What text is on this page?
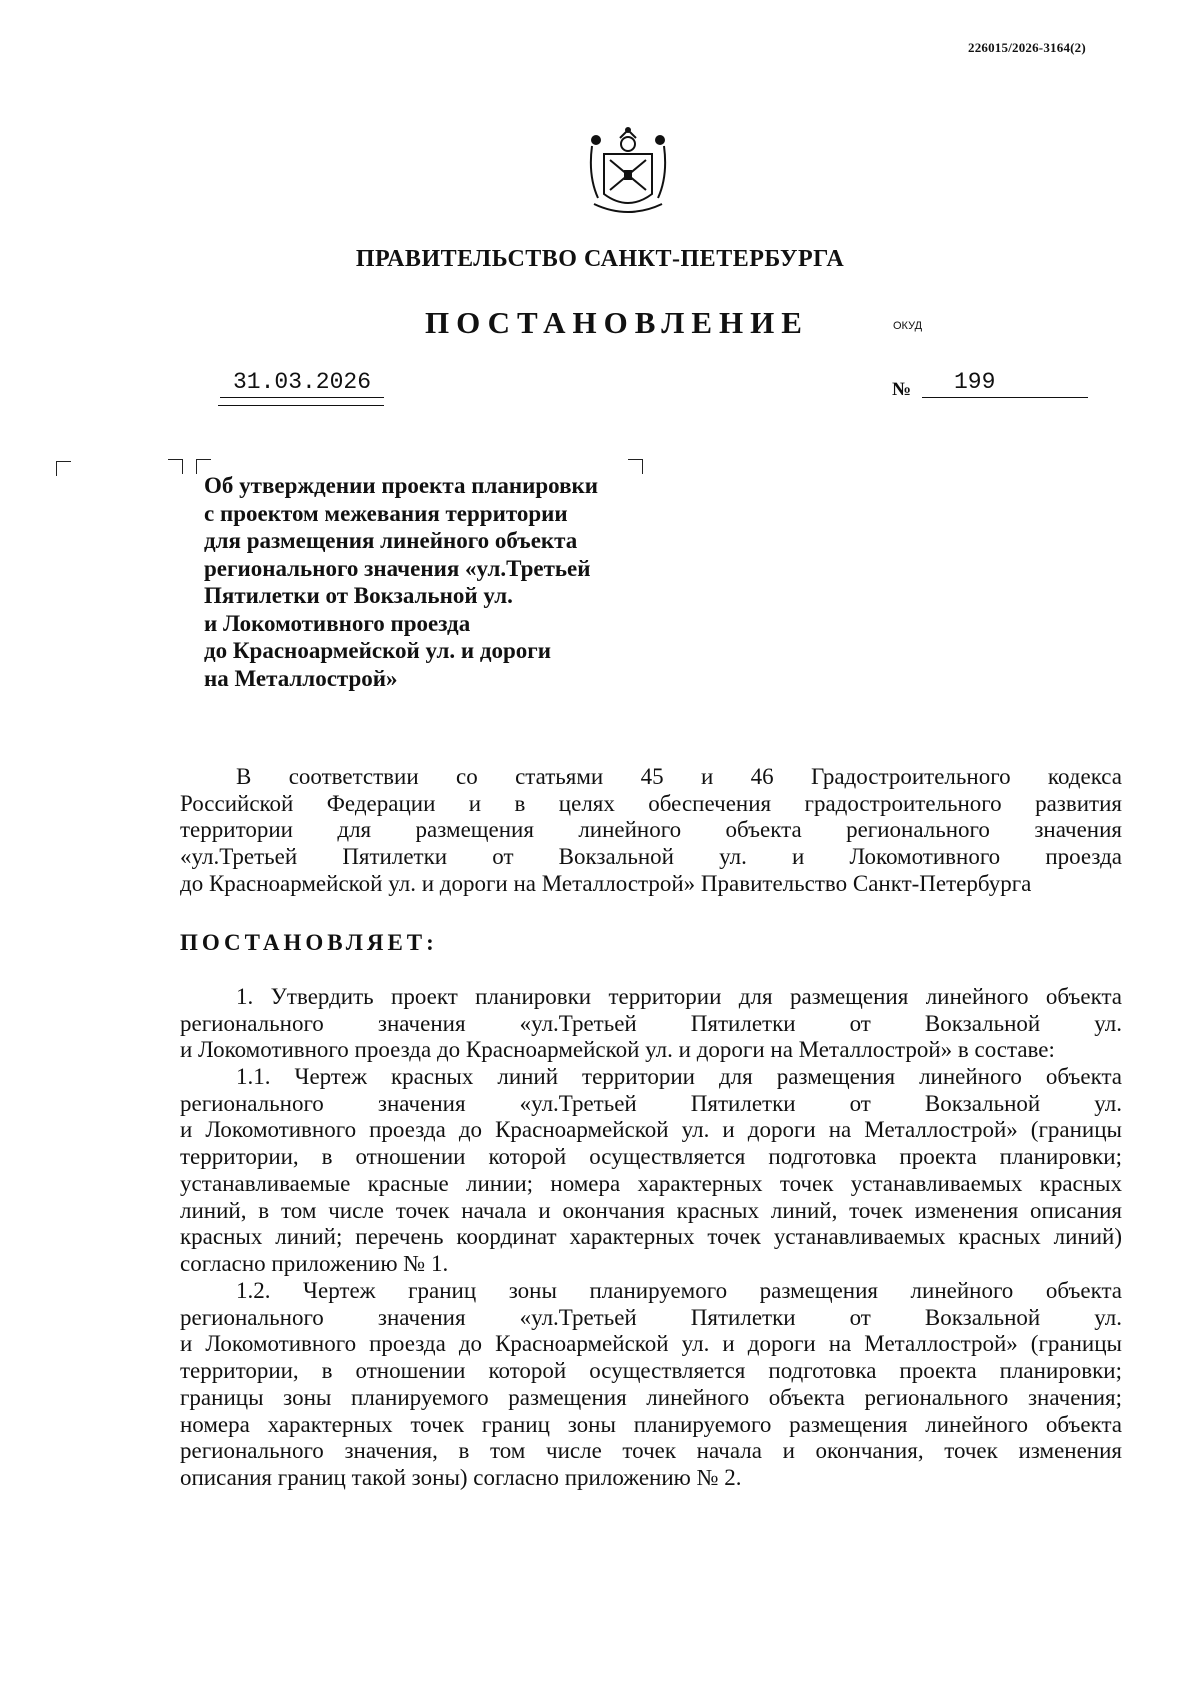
226015/2026-3164(2)
ПРАВИТЕЛЬСТВО САНКТ-ПЕТЕРБУРГА
ПОСТАНОВЛЕНИЕ	ОКУД
31.03.2026	№	199
Об утверждении проекта планировки
с проектом межевания территории
для размещения линейного объекта
регионального значения «ул.Третьей
Пятилетки от Вокзальной ул.
и Локомотивного проезда
до Красноармейской ул. и дороги
на Металлострой»
В соответствии со статьями 45 и 46 Градостроительного кодекса
Российской Федерации и в целях обеспечения градостроительного развития
территории для размещения линейного объекта регионального значения
«ул.Третьей Пятилетки от Вокзальной ул. и Локомотивного проезда
до Красноармейской ул. и дороги на Металлострой» Правительство Санкт-Петербурга
ПОСТАНОВЛЯЕТ:
1. Утвердить проект планировки территории для размещения линейного объекта
регионального значения «ул.Третьей Пятилетки от Вокзальной ул.
и Локомотивного проезда до Красноармейской ул. и дороги на Металлострой» в составе:
1.1. Чертеж красных линий территории для размещения линейного объекта
регионального значения «ул.Третьей Пятилетки от Вокзальной ул.
и Локомотивного проезда до Красноармейской ул. и дороги на Металлострой» (границы
территории, в отношении которой осуществляется подготовка проекта планировки;
устанавливаемые красные линии; номера характерных точек устанавливаемых красных
линий, в том числе точек начала и окончания красных линий, точек изменения описания
красных линий; перечень координат характерных точек устанавливаемых красных линий)
согласно приложению № 1.
1.2. Чертеж границ зоны планируемого размещения линейного объекта
регионального значения «ул.Третьей Пятилетки от Вокзальной ул.
и Локомотивного проезда до Красноармейской ул. и дороги на Металлострой» (границы
территории, в отношении которой осуществляется подготовка проекта планировки;
границы зоны планируемого размещения линейного объекта регионального значения;
номера характерных точек границ зоны планируемого размещения линейного объекта
регионального значения, в том числе точек начала и окончания, точек изменения
описания границ такой зоны) согласно приложению № 2.
